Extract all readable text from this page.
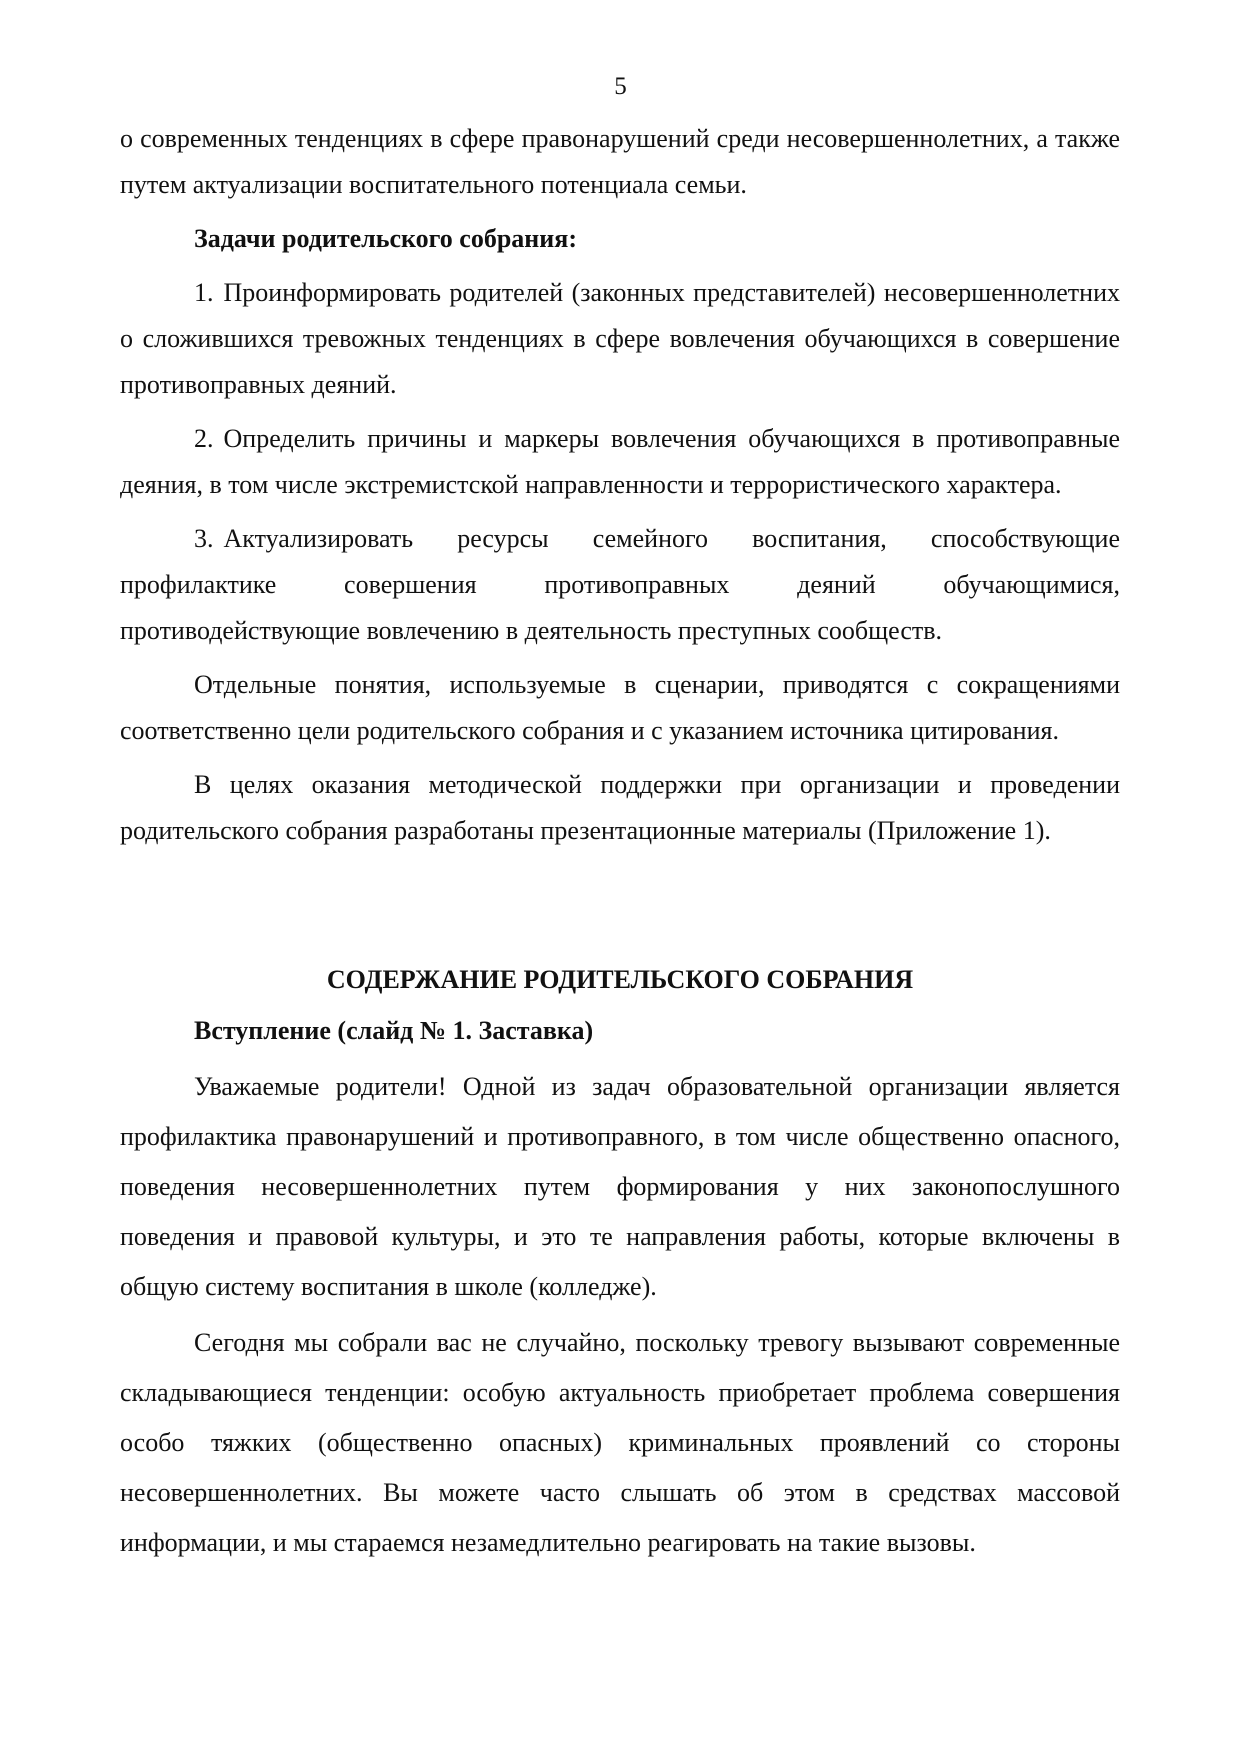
5

о современных тенденциях в сфере правонарушений среди несовершеннолетних, а также путем актуализации воспитательного потенциала семьи.

Задачи родительского собрания:

1. Проинформировать родителей (законных представителей) несовершеннолетних о сложившихся тревожных тенденциях в сфере вовлечения обучающихся в совершение противоправных деяний.

2. Определить причины и маркеры вовлечения обучающихся в противоправные деяния, в том числе экстремистской направленности и террористического характера.

3. Актуализировать ресурсы семейного воспитания, способствующие профилактике совершения противоправных деяний обучающимися, противодействующие вовлечению в деятельность преступных сообществ.

Отдельные понятия, используемые в сценарии, приводятся с сокращениями соответственно цели родительского собрания и с указанием источника цитирования.

В целях оказания методической поддержки при организации и проведении родительского собрания разработаны презентационные материалы (Приложение 1).

СОДЕРЖАНИЕ РОДИТЕЛЬСКОГО СОБРАНИЯ

Вступление (слайд № 1. Заставка)

Уважаемые родители! Одной из задач образовательной организации является профилактика правонарушений и противоправного, в том числе общественно опасного, поведения несовершеннолетних путем формирования у них законопослушного поведения и правовой культуры, и это те направления работы, которые включены в общую систему воспитания в школе (колледже).

Сегодня мы собрали вас не случайно, поскольку тревогу вызывают современные складывающиеся тенденции: особую актуальность приобретает проблема совершения особо тяжких (общественно опасных) криминальных проявлений со стороны несовершеннолетних. Вы можете часто слышать об этом в средствах массовой информации, и мы стараемся незамедлительно реагировать на такие вызовы.
